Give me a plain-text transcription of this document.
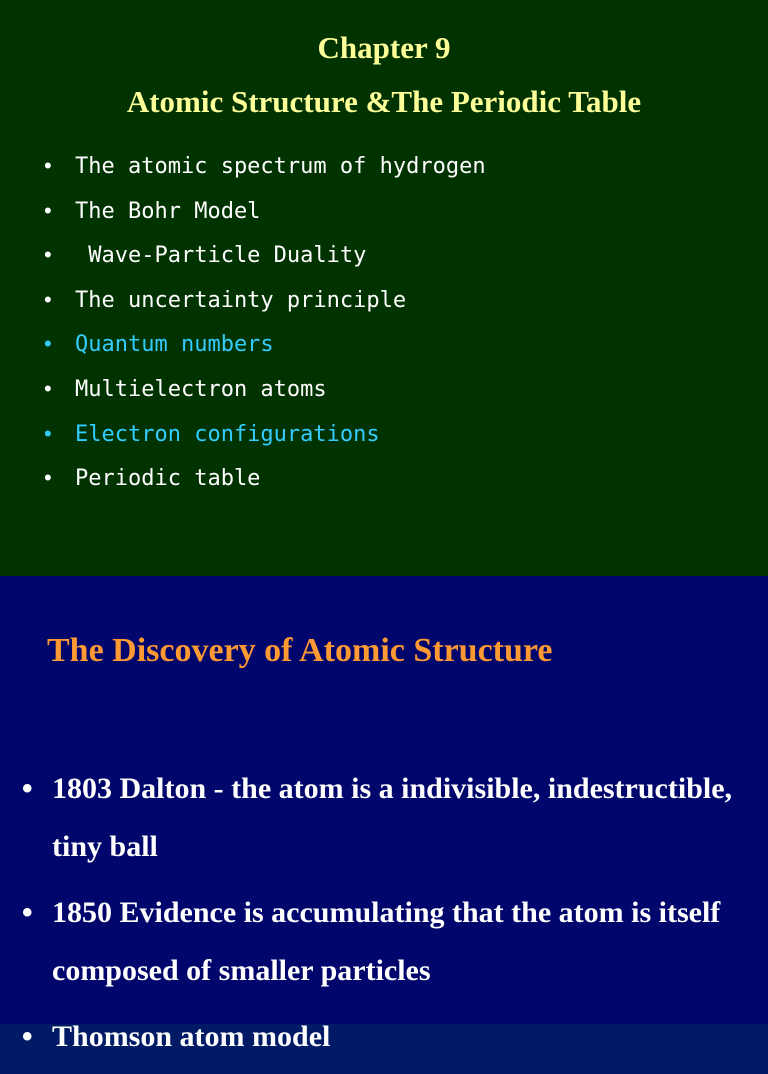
Chapter 9
Atomic Structure &The Periodic Table
• The atomic spectrum of hydrogen
• The Bohr Model
• Wave-Particle Duality
• The uncertainty principle
• Quantum numbers
• Multielectron atoms
• Electron configurations
• Periodic table
The Discovery of Atomic Structure
• 1803 Dalton - the atom is a indivisible, indestructible, tiny ball
• 1850 Evidence is accumulating that the atom is itself composed of smaller particles
• Thomson atom model
